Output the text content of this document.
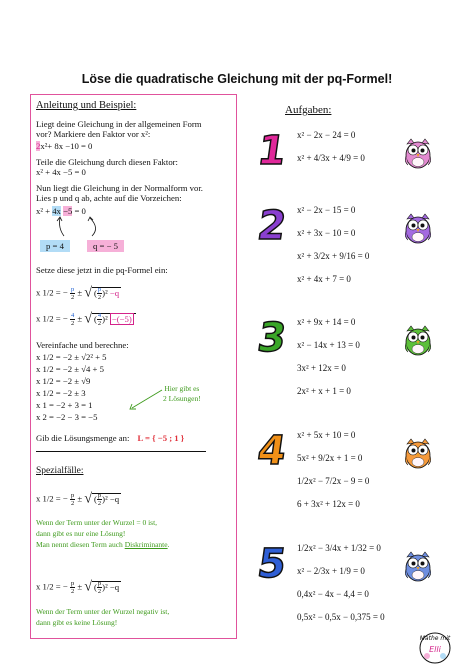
Löse die quadratische Gleichung mit der pq-Formel!
Anleitung und Beispiel:
Liegt deine Gleichung in der allgemeinen Form
vor? Markiere den Faktor vor x²:
2x²+ 8x −10 = 0
Teile die Gleichung durch diesen Faktor:
x² + 4x −5 = 0
Nun liegt die Gleichung in der Normalform vor.
Lies p und q ab, achte auf die Vorzeichen:
x² + 4x −5 = 0
p = 4	q = − 5
Setze diese jetzt in die pq-Formel ein:
x 1/2 = − $\frac{p}{2}$ ± √ ( $\frac{p}{2} )^2 -q$
x 1/2 = − $\frac{4}{2}$ ± √ ( $\frac{4}{2} )^2 -(-5)$
Vereinfache und berechne:
x 1/2 = −2 ± √2² + 5
x 1/2 = −2 ± √4 + 5
x 1/2 = −2 ± √9
x 1/2 = −2 ± 3
x 1 = −2 + 3 = 1
x 2 = −2 − 3 = −5
Hier gibt es
2 Lösungen!
Gib die Lösungsmenge an: L = { −5 ; 1 }
Spezialfälle:
x 1/2 = − $\frac{p}{2}$ ± √ ( $\frac{p}{2} )^2 -q$
Wenn der Term unter der Wurzel = 0 ist,
dann gibt es nur eine Lösung!
Man nennt diesen Term auch Diskriminante.
x 1/2 = − $\frac{p}{2}$ ± √ ( $\frac{p}{2} )^2 -q$
Wenn der Term unter der Wurzel negativ ist,
dann gibt es keine Lösung!
Aufgaben:
1 x² − 2x − 24 = 0
x² + 4/3x + 4/9 = 0
2 x² − 2x − 15 = 0
x² + 3x − 10 = 0
x² + 3/2x + 9/16 = 0
x² + 4x + 7 = 0
3 x² + 9x + 14 = 0
x² − 14x + 13 = 0
3x² + 12x = 0
2x² + x + 1 = 0
4 x² + 5x + 10 = 0
5x² + 9/2x + 1 = 0
1/2x² − 7/2x − 9 = 0
6 + 3x² + 12x = 0
5 1/2x² − 3/4x + 1/32 = 0
x² − 2/3x + 1/9 = 0
0,4x² − 4x − 4,4 = 0
0,5x² − 0,5x − 0,375 = 0
Mathe mit
Elli
